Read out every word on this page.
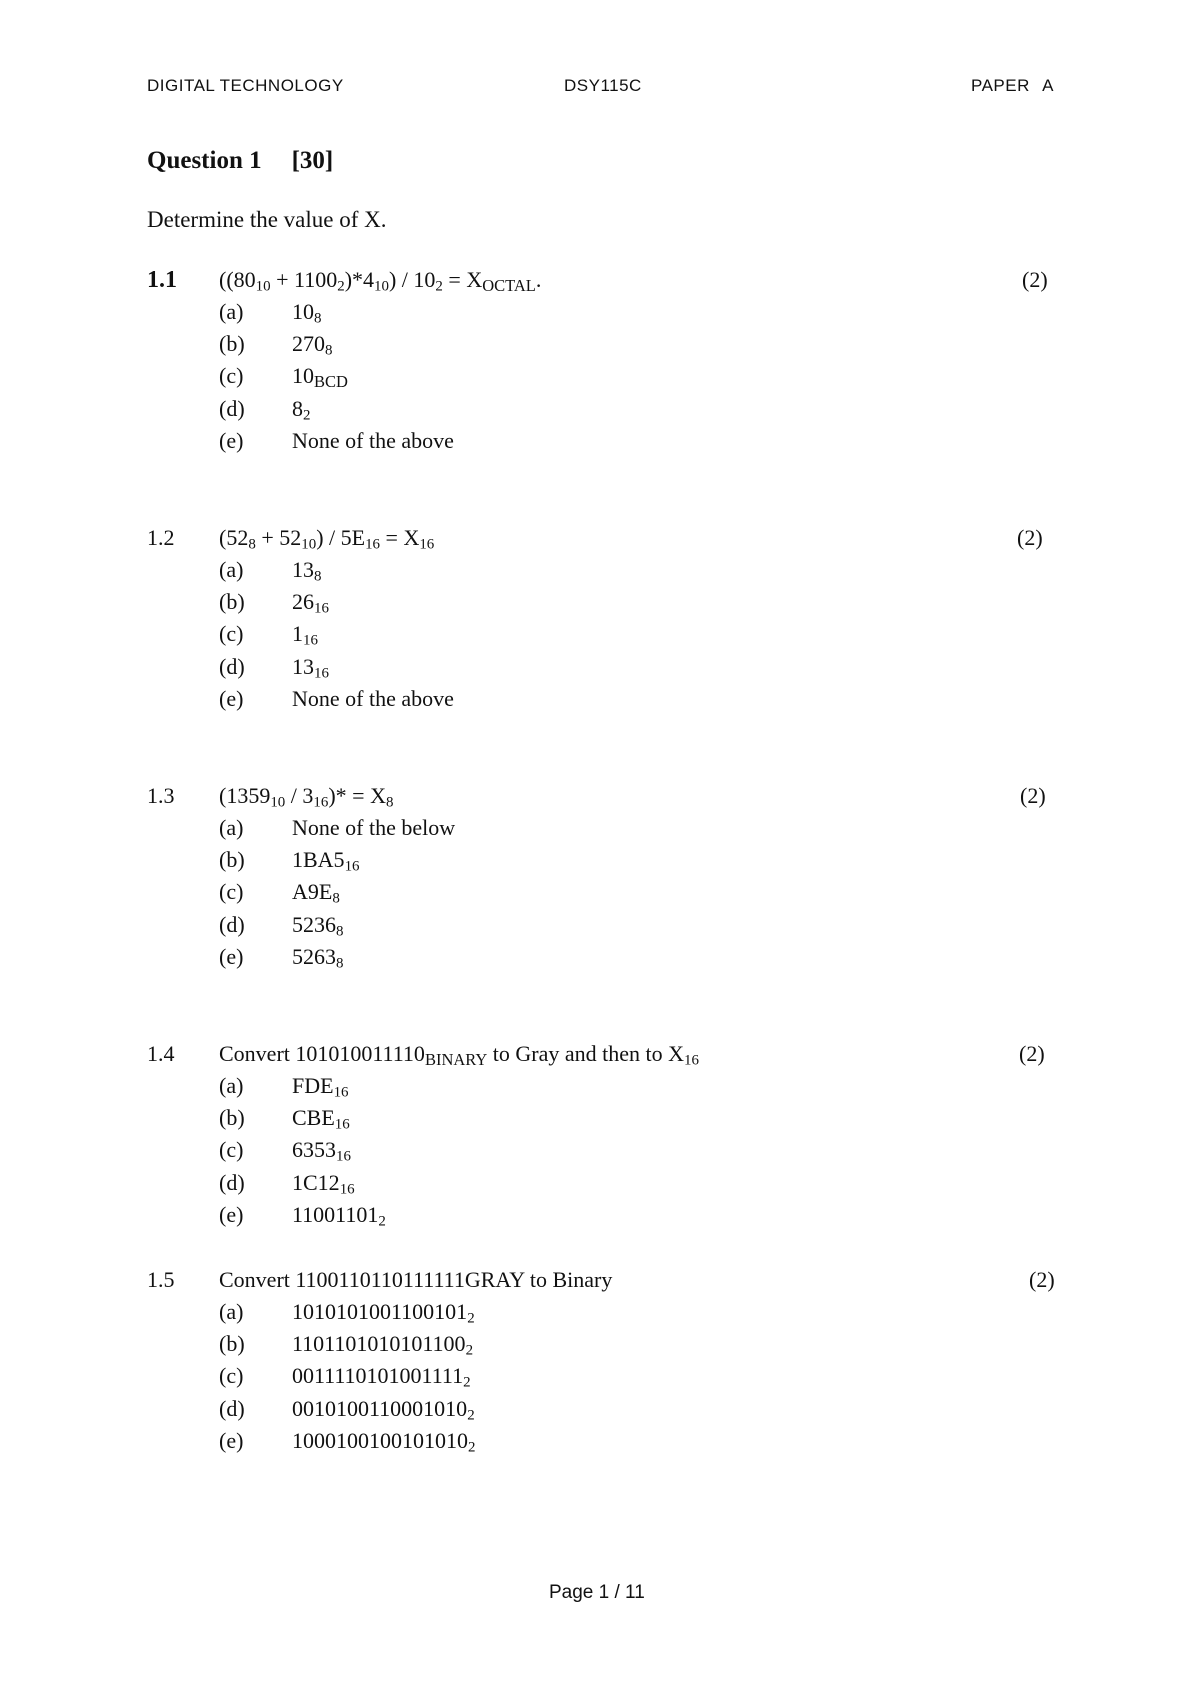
DIGITAL TECHNOLOGY	DSY115C	PAPER A
Question 1 [30]
Determine the value of X.
1.1 $((80_{10} + 1100_2)*4_{10}) / 10_2 = X_{OCTAL}$.	(2)
(a) $10_8$
(b) $270_8$
(c) $10_{BCD}$
(d) $8_2$
(e) None of the above
1.2 $(52_8 + 52_{10}) / 5E_{16} = X_{16}$	(2)
(a) $13_8$
(b) $26_{16}$
(c) $1_{16}$
(d) $13_{16}$
(e) None of the above
1.3 $(1359_{10} / 3_{16})* = X_8$	(2)
(a) None of the below
(b) $1BA5_{16}$
(c) $A9E_8$
(d) $5236_8$
(e) $5263_8$
1.4 Convert $101010011110_{BINARY}$ to Gray and then to $X_{16}$	(2)
(a) $FDE_{16}$
(b) $CBE_{16}$
(c) $6353_{16}$
(d) $1C12_{16}$
(e) $11001101_2$
1.5 Convert 1100110110111111GRAY to Binary	(2)
(a) $1010101001100101_2$
(b) $1101101010101100_2$
(c) $0011110101001111_2$
(d) $0010100110001010_2$
(e) $1000100100101010_2$
Page 1 / 11
